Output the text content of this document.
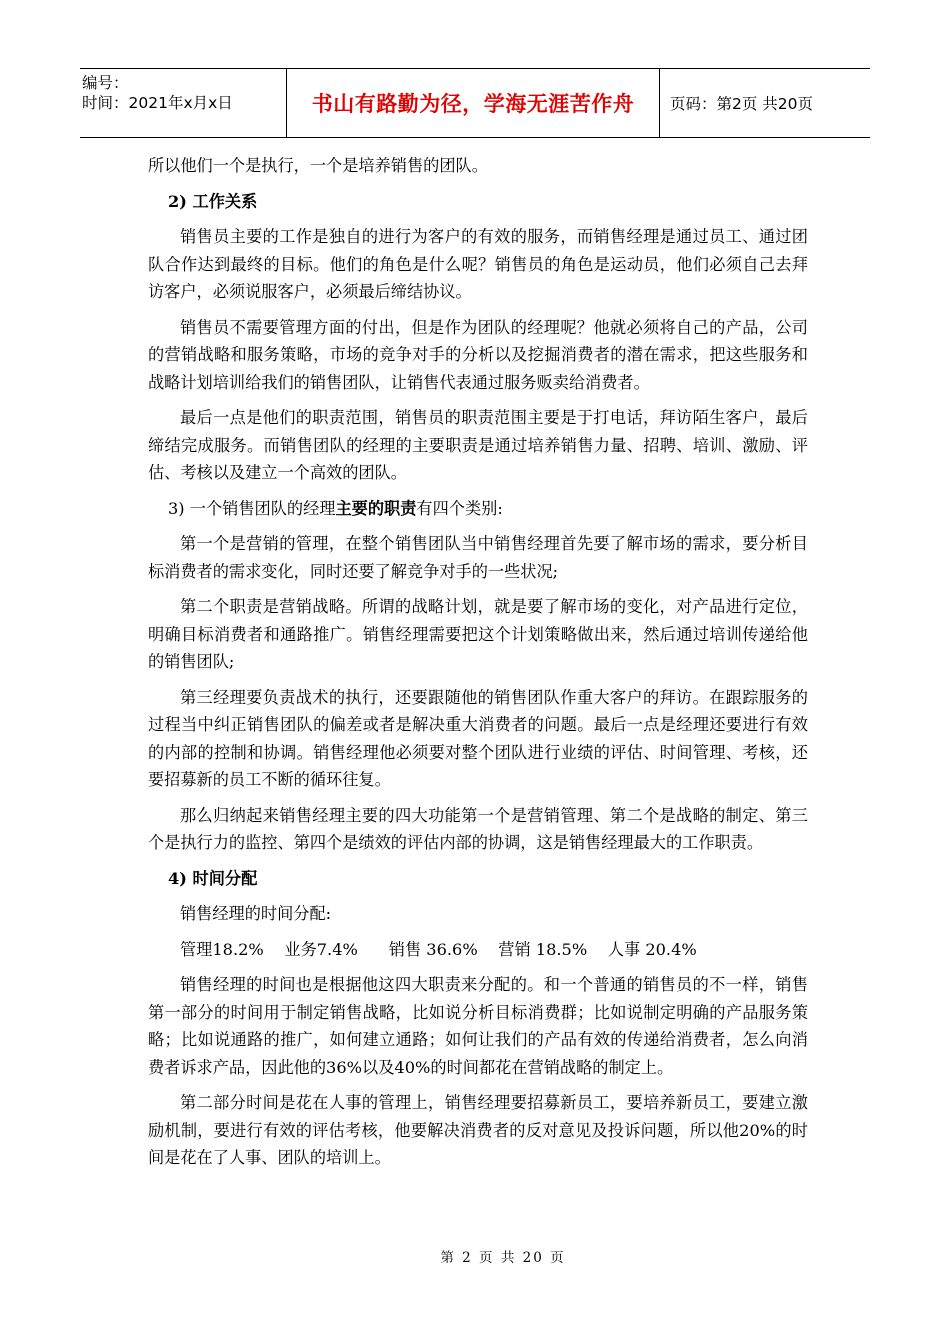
编号：
时间：2021年x月x日	书山有路勤为径，学海无涯苦作舟	页码：第2页 共20页

所以他们一个是执行，一个是培养销售的团队。

2) 工作关系

销售员主要的工作是独自的进行为客户的有效的服务，而销售经理是通过员工、通过团队合作达到最终的目标。他们的角色是什么呢？销售员的角色是运动员，他们必须自己去拜访客户，必须说服客户，必须最后缔结协议。

销售员不需要管理方面的付出，但是作为团队的经理呢？他就必须将自己的产品，公司的营销战略和服务策略，市场的竞争对手的分析以及挖掘消费者的潜在需求，把这些服务和战略计划培训给我们的销售团队，让销售代表通过服务贩卖给消费者。

最后一点是他们的职责范围，销售员的职责范围主要是于打电话，拜访陌生客户，最后缔结完成服务。而销售团队的经理的主要职责是通过培养销售力量、招聘、培训、激励、评估、考核以及建立一个高效的团队。

3) 一个销售团队的经理主要的职责有四个类别:

第一个是营销的管理，在整个销售团队当中销售经理首先要了解市场的需求，要分析目标消费者的需求变化，同时还要了解竞争对手的一些状况;

第二个职责是营销战略。所谓的战略计划，就是要了解市场的变化，对产品进行定位，明确目标消费者和通路推广。销售经理需要把这个计划策略做出来，然后通过培训传递给他的销售团队;

第三经理要负责战术的执行，还要跟随他的销售团队作重大客户的拜访。在跟踪服务的过程当中纠正销售团队的偏差或者是解决重大消费者的问题。最后一点是经理还要进行有效的内部的控制和协调。销售经理他必须要对整个团队进行业绩的评估、时间管理、考核，还要招募新的员工不断的循环往复。

那么归纳起来销售经理主要的四大功能第一个是营销管理、第二个是战略的制定、第三个是执行力的监控、第四个是绩效的评估内部的协调，这是销售经理最大的工作职责。

4) 时间分配

销售经理的时间分配:

管理18.2%    业务7.4%      销售 36.6%    营销 18.5%    人事 20.4%

销售经理的时间也是根据他这四大职责来分配的。和一个普通的销售员的不一样，销售第一部分的时间用于制定销售战略，比如说分析目标消费群；比如说制定明确的产品服务策略；比如说通路的推广，如何建立通路；如何让我们的产品有效的传递给消费者，怎么向消费者诉求产品，因此他的36%以及40%的时间都花在营销战略的制定上。

第二部分时间是花在人事的管理上，销售经理要招募新员工，要培养新员工，要建立激励机制，要进行有效的评估考核，他要解决消费者的反对意见及投诉问题，所以他20%的时间是花在了人事、团队的培训上。

第 2 页 共 20 页
